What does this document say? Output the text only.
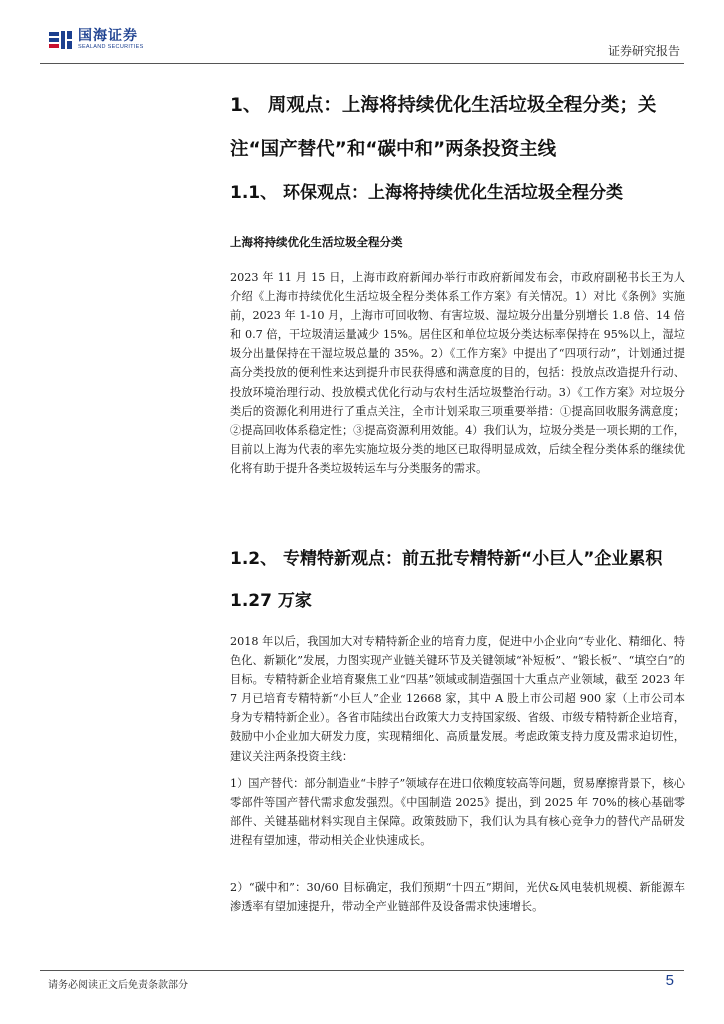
国海证券
SEALAND SECURITIES	证券研究报告
1、 周观点：上海将持续优化生活垃圾全程分类；关注“国产替代”和“碳中和”两条投资主线
1.1、 环保观点：上海将持续优化生活垃圾全程分类

上海将持续优化生活垃圾全程分类

2023 年 11 月 15 日，上海市政府新闻办举行市政府新闻发布会，市政府副秘书长王为人介绍《上海市持续优化生活垃圾全程分类体系工作方案》有关情况。1）对比《条例》实施前，2023 年 1-10 月，上海市可回收物、有害垃圾、湿垃圾分出量分别增长 1.8 倍、14 倍和 0.7 倍，干垃圾清运量减少 15%。居住区和单位垃圾分类达标率保持在 95%以上，湿垃圾分出量保持在干湿垃圾总量的 35%。2）《工作方案》中提出了“四项行动”，计划通过提高分类投放的便利性来达到提升市民获得感和满意度的目的，包括：投放点改造提升行动、投放环境治理行动、投放模式优化行动与农村生活垃圾整治行动。3）《工作方案》对垃圾分类后的资源化利用进行了重点关注，全市计划采取三项重要举措：①提高回收服务满意度；②提高回收体系稳定性；③提高资源利用效能。4）我们认为，垃圾分类是一项长期的工作，目前以上海为代表的率先实施垃圾分类的地区已取得明显成效，后续全程分类体系的继续优化将有助于提升各类垃圾转运车与分类服务的需求。

1.2、 专精特新观点：前五批专精特新“小巨人”企业累积 1.27 万家

2018 年以后，我国加大对专精特新企业的培育力度，促进中小企业向“专业化、精细化、特色化、新颖化”发展，力图实现产业链关键环节及关键领域“补短板”、“锻长板”、“填空白”的目标。专精特新企业培育聚焦工业“四基”领域或制造强国十大重点产业领域，截至 2023 年 7 月已培育专精特新“小巨人”企业 12668 家，其中 A 股上市公司超 900 家（上市公司本身为专精特新企业）。各省市陆续出台政策大力支持国家级、省级、市级专精特新企业培育，鼓励中小企业加大研发力度，实现精细化、高质量发展。考虑政策支持力度及需求迫切性，建议关注两条投资主线：

1）国产替代：部分制造业“卡脖子”领域存在进口依赖度较高等问题，贸易摩擦背景下，核心零部件等国产替代需求愈发强烈。《中国制造 2025》提出，到 2025 年 70%的核心基础零部件、关键基础材料实现自主保障。政策鼓励下，我们认为具有核心竞争力的替代产品研发进程有望加速，带动相关企业快速成长。

2）“碳中和”：30/60 目标确定，我们预期“十四五”期间，光伏&风电装机规模、新能源车渗透率有望加速提升，带动全产业链部件及设备需求快速增长。

请务必阅读正文后免责条款部分	5
